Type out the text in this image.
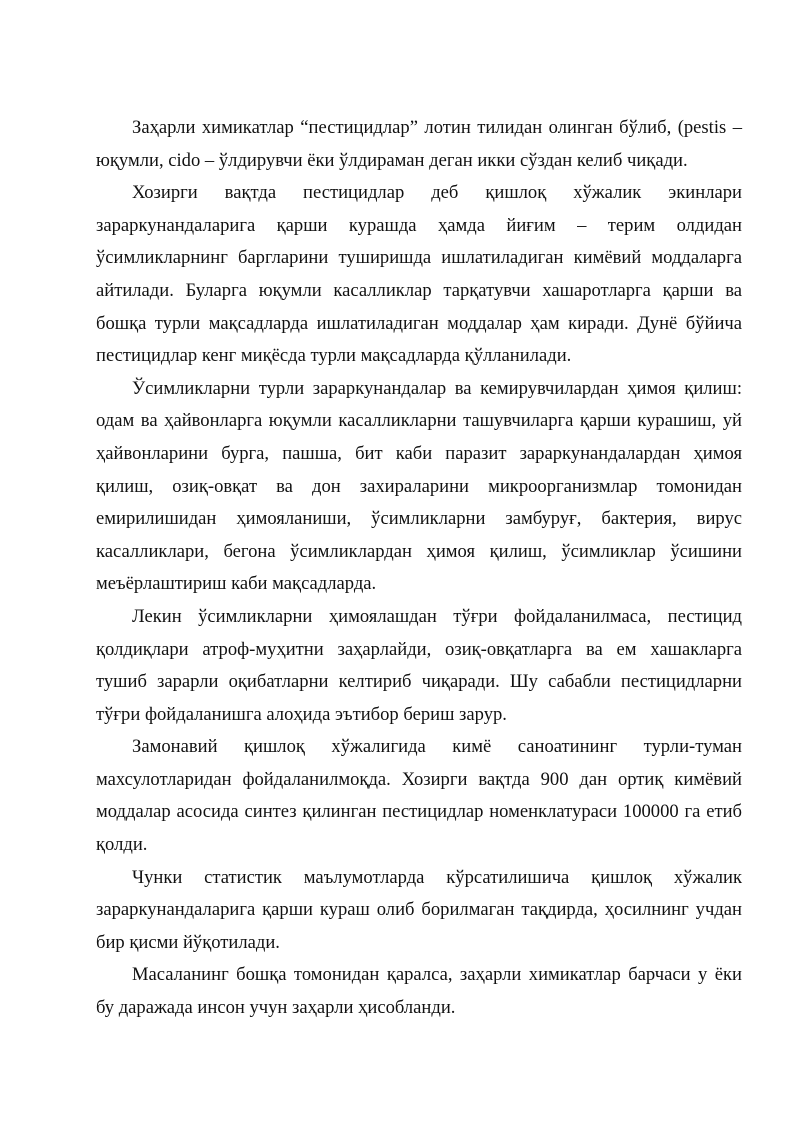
Заҳарли химикатлар “пестицидлар” лотин тилидан олинган бўлиб, (pestis – юқумли, cido – ўлдирувчи ёки ўлдираман деган икки сўздан келиб чиқади.

Хозирги вақтда пестицидлар деб қишлоқ хўжалик экинлари зараркунандаларига қарши курашда ҳамда йиғим – терим олдидан ўсимликларнинг баргларини туширишда ишлатиладиган кимёвий моддаларга айтилади. Буларга юқумли касалликлар тарқатувчи хашаротларга қарши ва бошқа турли мақсадларда ишлатиладиган моддалар ҳам киради. Дунё бўйича пестицидлар кенг миқёсда турли мақсадларда қўлланилади.

Ўсимликларни турли зараркунандалар ва кемирувчилардан ҳимоя қилиш: одам ва ҳайвонларга юқумли касалликларни ташувчиларга қарши курашиш, уй ҳайвонларини бурга, пашша, бит каби паразит зараркунандалардан ҳимоя қилиш, озиқ-овқат ва дон захираларини микроорганизмлар томонидан емирилишидан ҳимояланиши, ўсимликларни замбуруғ, бактерия, вирус касалликлари, бегона ўсимликлардан ҳимоя қилиш, ўсимликлар ўсишини меъёрлаштириш каби мақсадларда.

Лекин ўсимликларни ҳимоялашдан тўғри фойдаланилмаса, пестицид қолдиқлари атроф-муҳитни заҳарлайди, озиқ-овқатларга ва ем хашакларга тушиб зарарли оқибатларни келтириб чиқаради. Шу сабабли пестицидларни тўғри фойдаланишга алоҳида эътибор бериш зарур.

Замонавий қишлоқ хўжалигида кимё саноатининг турли-туман махсулотларидан фойдаланилмоқда. Хозирги вақтда 900 дан ортиқ кимёвий моддалар асосида синтез қилинган пестицидлар номенклатураси 100000 га етиб қолди.

Чунки статистик маълумотларда кўрсатилишича қишлоқ хўжалик зараркунандаларига қарши кураш олиб борилмаган тақдирда, ҳосилнинг учдан бир қисми йўқотилади.

Масаланинг бошқа томонидан қаралса, заҳарли химикатлар барчаси у ёки бу даражада инсон учун заҳарли ҳисобланди.
